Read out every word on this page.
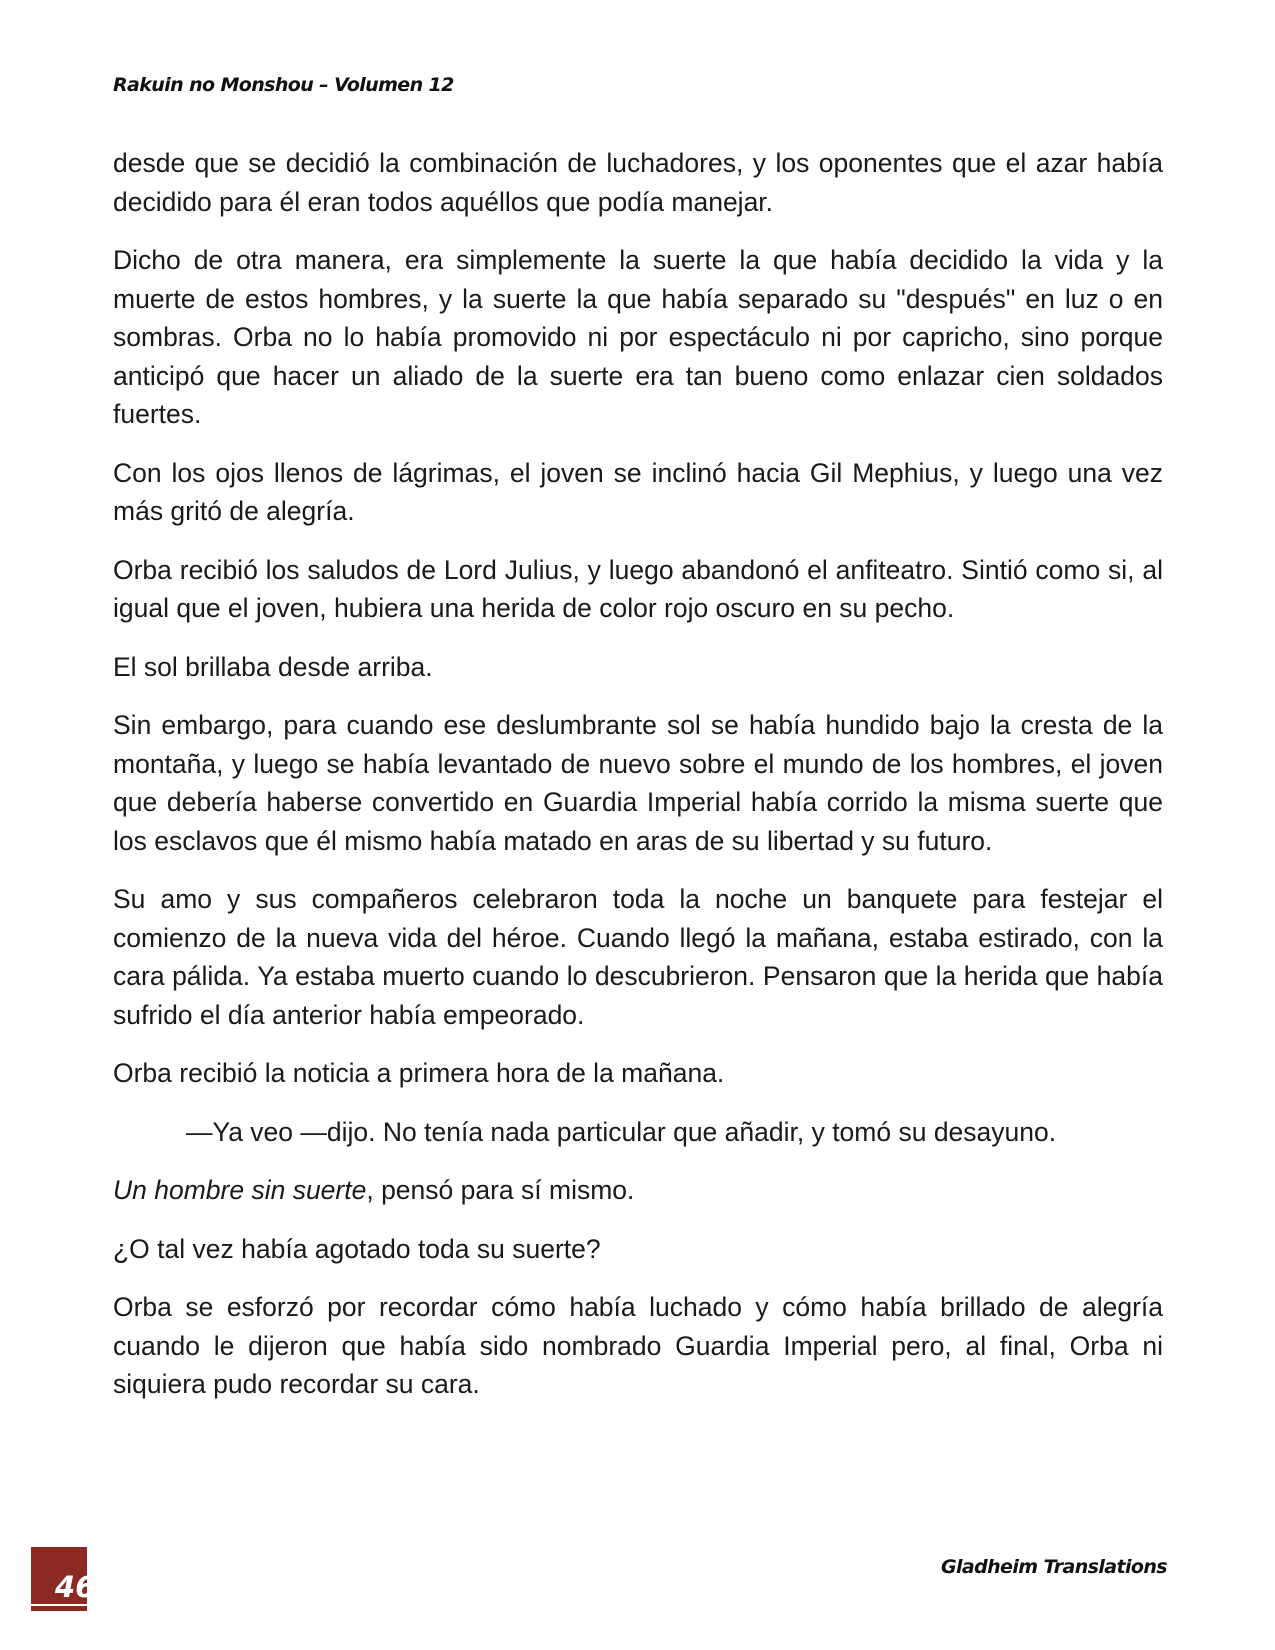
Rakuin no Monshou – Volumen 12

desde que se decidió la combinación de luchadores, y los oponentes que el azar había decidido para él eran todos aquéllos que podía manejar.

Dicho de otra manera, era simplemente la suerte la que había decidido la vida y la muerte de estos hombres, y la suerte la que había separado su "después" en luz o en sombras. Orba no lo había promovido ni por espectáculo ni por capricho, sino porque anticipó que hacer un aliado de la suerte era tan bueno como enlazar cien soldados fuertes.

Con los ojos llenos de lágrimas, el joven se inclinó hacia Gil Mephius, y luego una vez más gritó de alegría.

Orba recibió los saludos de Lord Julius, y luego abandonó el anfiteatro. Sintió como si, al igual que el joven, hubiera una herida de color rojo oscuro en su pecho.

El sol brillaba desde arriba.

Sin embargo, para cuando ese deslumbrante sol se había hundido bajo la cresta de la montaña, y luego se había levantado de nuevo sobre el mundo de los hombres, el joven que debería haberse convertido en Guardia Imperial había corrido la misma suerte que los esclavos que él mismo había matado en aras de su libertad y su futuro.

Su amo y sus compañeros celebraron toda la noche un banquete para festejar el comienzo de la nueva vida del héroe. Cuando llegó la mañana, estaba estirado, con la cara pálida. Ya estaba muerto cuando lo descubrieron. Pensaron que la herida que había sufrido el día anterior había empeorado.

Orba recibió la noticia a primera hora de la mañana.

—Ya veo —dijo. No tenía nada particular que añadir, y tomó su desayuno.

Un hombre sin suerte, pensó para sí mismo.

¿O tal vez había agotado toda su suerte?

Orba se esforzó por recordar cómo había luchado y cómo había brillado de alegría cuando le dijeron que había sido nombrado Guardia Imperial pero, al final, Orba ni siquiera pudo recordar su cara.

46
Gladheim Translations
